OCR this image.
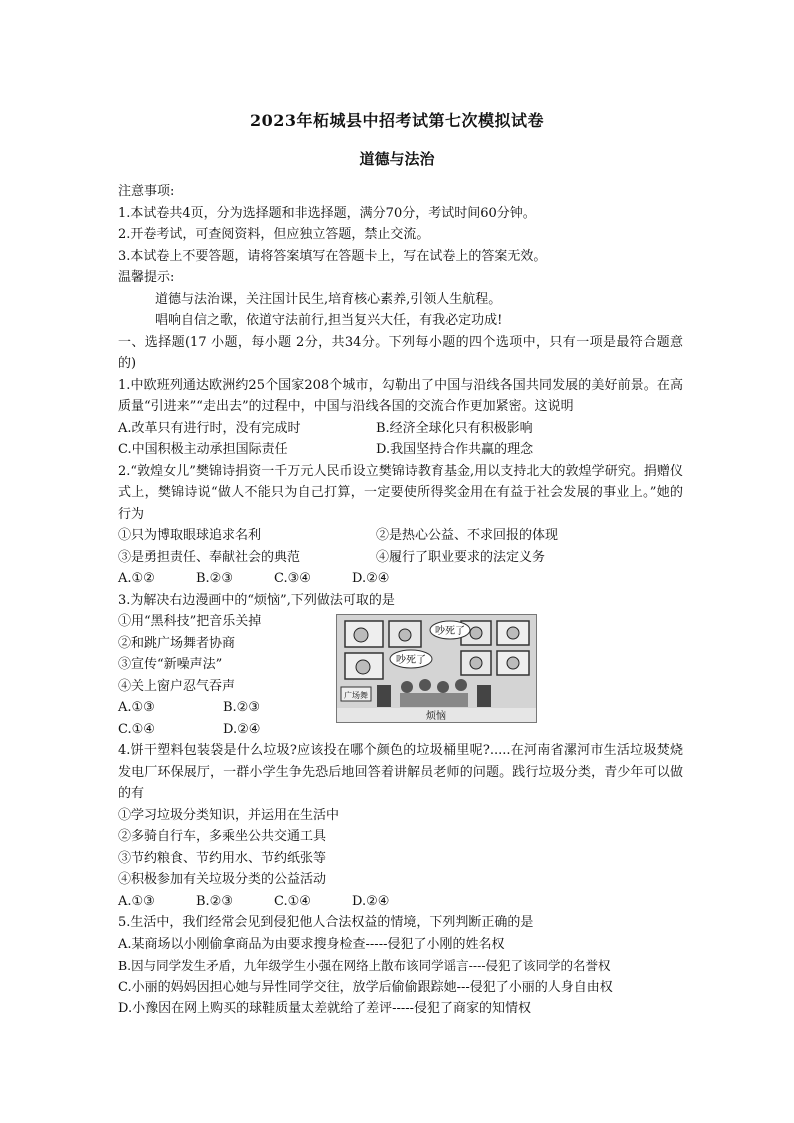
2023年柘城县中招考试第七次模拟试卷
道德与法治
注意事项:
1.本试卷共4页，分为选择题和非选择题，满分70分，考试时间60分钟。
2.开卷考试，可查阅资料，但应独立答题，禁止交流。
3.本试卷上不要答题，请将答案填写在答题卡上，写在试卷上的答案无效。
温馨提示:
道德与法治课，关注国计民生,培育核心素养,引领人生航程。
唱响自信之歌，依道守法前行,担当复兴大任，有我必定功成!
一、选择题(17 小题，每小题 2分，共34分。下列每小题的四个选项中，只有一项是最符合题意的)
1.中欧班列通达欧洲约25个国家208个城市，勾勒出了中国与沿线各国共同发展的美好前景。在高质量“引进来”“走出去”的过程中，中国与沿线各国的交流合作更加紧密。这说明
A.改革只有进行时，没有完成时	B.经济全球化只有积极影响
C.中国积极主动承担国际责任	D.我国坚持合作共赢的理念
2.“敦煌女儿”樊锦诗捐资一千万元人民币设立樊锦诗教育基金,用以支持北大的敦煌学研究。捐赠仪式上，樊锦诗说“做人不能只为自己打算，一定要使所得奖金用在有益于社会发展的事业上。”她的行为
①只为博取眼球追求名利	②是热心公益、不求回报的体现
③是勇担责任、奉献社会的典范	④履行了职业要求的法定义务
A.①②	B.②③	C.③④	D.②④
3.为解决右边漫画中的“烦恼”,下列做法可取的是
①用“黑科技”把音乐关掉
②和跳广场舞者协商
③宣传“新噪声法”
④关上窗户忍气吞声
A.①③	B.②③
C.①④	D.②④
吵死了
吵死了
广场舞
烦恼
4.饼干塑料包装袋是什么垃圾?应该投在哪个颜色的垃圾桶里呢?.....在河南省漯河市生活垃圾焚烧发电厂环保展厅，一群小学生争先恐后地回答着讲解员老师的问题。践行垃圾分类，青少年可以做的有
①学习垃圾分类知识，并运用在生活中
②多骑自行车，多乘坐公共交通工具
③节约粮食、节约用水、节约纸张等
④积极参加有关垃圾分类的公益活动
A.①③	B.②③	C.①④	D.②④
5.生活中，我们经常会见到侵犯他人合法权益的情境，下列判断正确的是
A.某商场以小刚偷拿商品为由要求搜身检查-----侵犯了小刚的姓名权
B.因与同学发生矛盾，九年级学生小强在网络上散布该同学谣言----侵犯了该同学的名誉权
C.小丽的妈妈因担心她与异性同学交往，放学后偷偷跟踪她---侵犯了小丽的人身自由权
D.小豫因在网上购买的球鞋质量太差就给了差评-----侵犯了商家的知情权
